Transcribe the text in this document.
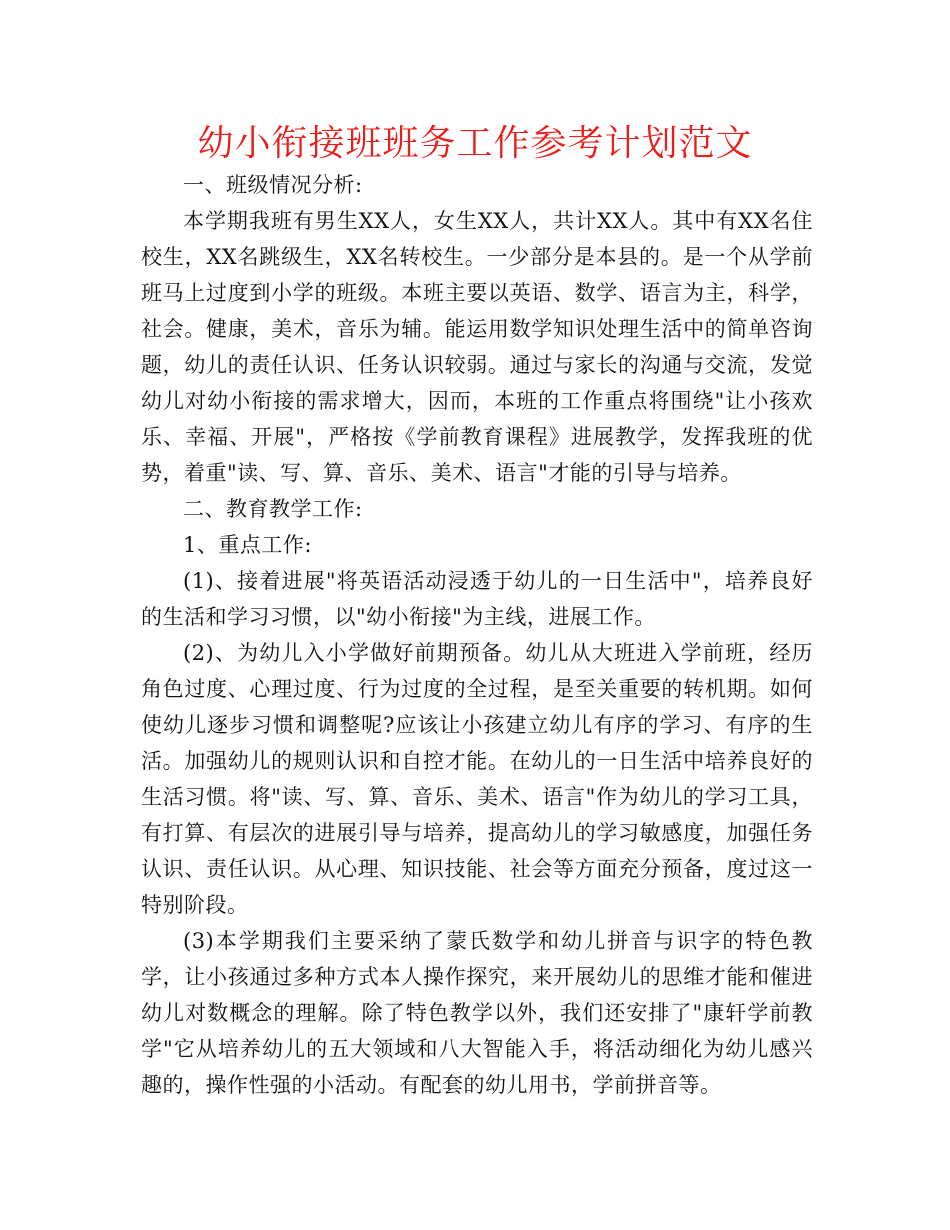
幼小衔接班班务工作参考计划范文

一、班级情况分析:

本学期我班有男生XX人，女生XX人，共计XX人。其中有XX名住校生，XX名跳级生，XX名转校生。一少部分是本县的。是一个从学前班马上过度到小学的班级。本班主要以英语、数学、语言为主，科学，社会。健康，美术，音乐为辅。能运用数学知识处理生活中的简单咨询题，幼儿的责任认识、任务认识较弱。通过与家长的沟通与交流，发觉幼儿对幼小衔接的需求增大，因而，本班的工作重点将围绕"让小孩欢乐、幸福、开展"，严格按《学前教育课程》进展教学，发挥我班的优势，着重"读、写、算、音乐、美术、语言"才能的引导与培养。

二、教育教学工作:

1、重点工作:

(1)、接着进展"将英语活动浸透于幼儿的一日生活中"，培养良好的生活和学习习惯，以"幼小衔接"为主线，进展工作。

(2)、为幼儿入小学做好前期预备。幼儿从大班进入学前班，经历角色过度、心理过度、行为过度的全过程，是至关重要的转机期。如何使幼儿逐步习惯和调整呢?应该让小孩建立幼儿有序的学习、有序的生活。加强幼儿的规则认识和自控才能。在幼儿的一日生活中培养良好的生活习惯。将"读、写、算、音乐、美术、语言"作为幼儿的学习工具，有打算、有层次的进展引导与培养，提高幼儿的学习敏感度，加强任务认识、责任认识。从心理、知识技能、社会等方面充分预备，度过这一特别阶段。

(3)本学期我们主要采纳了蒙氏数学和幼儿拼音与识字的特色教学，让小孩通过多种方式本人操作探究，来开展幼儿的思维才能和催进幼儿对数概念的理解。除了特色教学以外，我们还安排了"康轩学前教学"它从培养幼儿的五大领域和八大智能入手，将活动细化为幼儿感兴趣的，操作性强的小活动。有配套的幼儿用书，学前拼音等。
